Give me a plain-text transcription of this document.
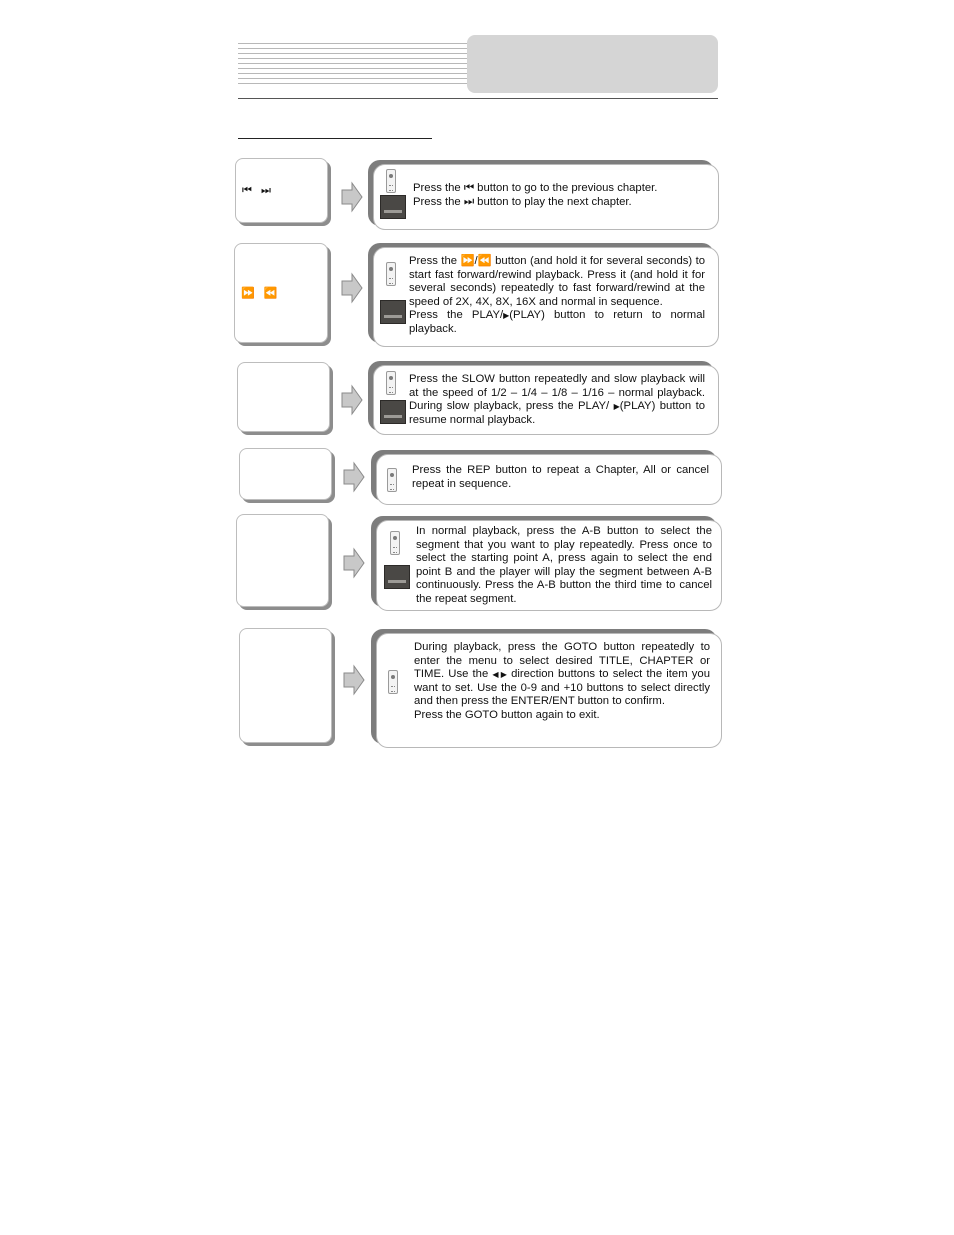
⏮  ⏭	Press the ⏮ button to go to the previous chapter.
Press the ⏭ button to play the next chapter.
⏩  ⏪
Press the ⏩/⏪ button (and hold it for several seconds) to start fast forward/rewind playback. Press it (and hold it for several seconds) repeatedly to fast forward/rewind at the speed of 2X, 4X, 8X, 16X and normal in sequence.
Press the PLAY/▶(PLAY) button to return to normal playback.
Press the SLOW button repeatedly and slow playback will at the speed of 1/2 – 1/4 – 1/8 – 1/16 – normal playback. During slow playback, press the PLAY/ ▶(PLAY) button to resume normal playback.
Press the REP button to repeat a Chapter, All or cancel repeat in sequence.
In normal playback, press the A-B button to select the segment that you want to play repeatedly. Press once to select the starting point A, press again to select the end point B and the player will play the segment between A-B continuously. Press the A-B button the third time to cancel the repeat segment.
During playback, press the GOTO button repeatedly to enter the menu to select desired TITLE, CHAPTER or TIME. Use the ◀ ▶ direction buttons to select the item you want to set. Use the 0-9 and +10 buttons to select directly and then press the ENTER/ENT button to confirm.
Press the GOTO button again to exit.
